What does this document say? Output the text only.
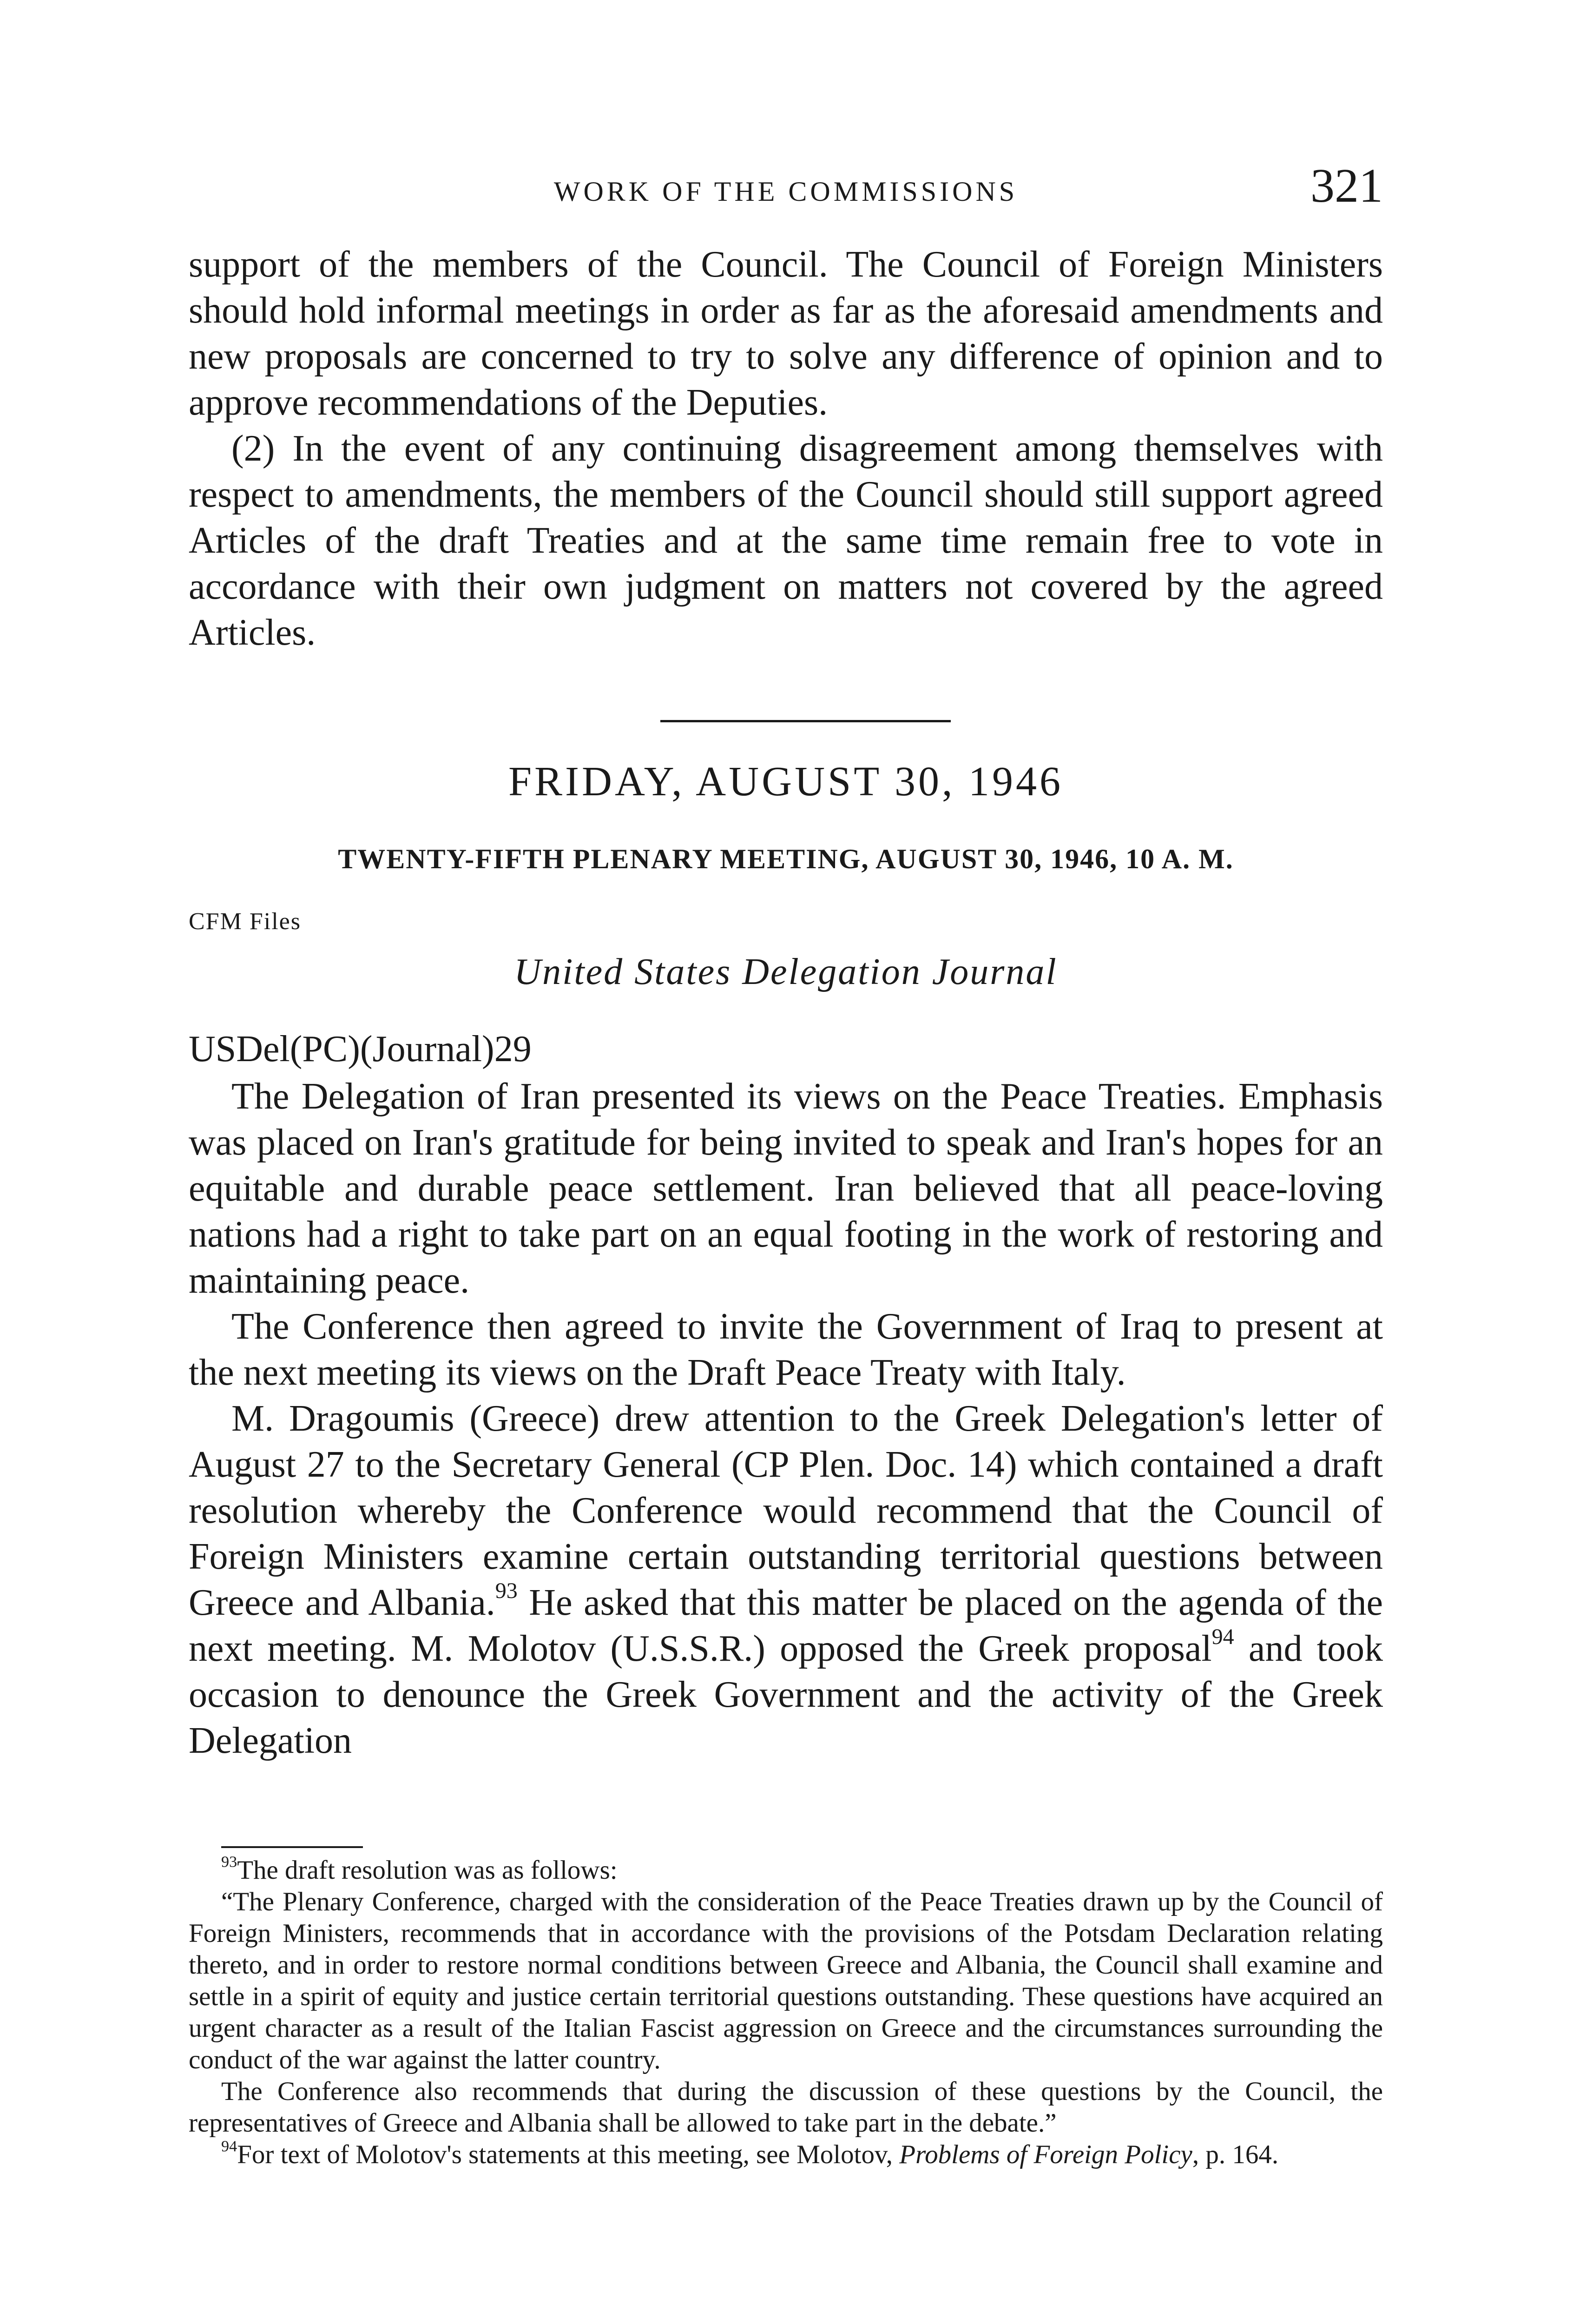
WORK OF THE COMMISSIONS	321

support of the members of the Council. The Council of Foreign Ministers should hold informal meetings in order as far as the aforesaid amendments and new proposals are concerned to try to solve any difference of opinion and to approve recommendations of the Deputies.

(2) In the event of any continuing disagreement among themselves with respect to amendments, the members of the Council should still support agreed Articles of the draft Treaties and at the same time remain free to vote in accordance with their own judgment on matters not covered by the agreed Articles.

FRIDAY, AUGUST 30, 1946
TWENTY-FIFTH PLENARY MEETING, AUGUST 30, 1946, 10 A. M.
CFM Files
United States Delegation Journal
USDel(PC)(Journal)29

The Delegation of Iran presented its views on the Peace Treaties. Emphasis was placed on Iran's gratitude for being invited to speak and Iran's hopes for an equitable and durable peace settlement. Iran believed that all peace-loving nations had a right to take part on an equal footing in the work of restoring and maintaining peace.

The Conference then agreed to invite the Government of Iraq to present at the next meeting its views on the Draft Peace Treaty with Italy.

M. Dragoumis (Greece) drew attention to the Greek Delegation's letter of August 27 to the Secretary General (CP Plen. Doc. 14) which contained a draft resolution whereby the Conference would recommend that the Council of Foreign Ministers examine certain outstanding territorial questions between Greece and Albania.$^{93}$ He asked that this matter be placed on the agenda of the next meeting. M. Molotov (U.S.S.R.) opposed the Greek proposal$^{94}$ and took occasion to denounce the Greek Government and the activity of the Greek Delegation

$^{93}$The draft resolution was as follows:

“The Plenary Conference, charged with the consideration of the Peace Treaties drawn up by the Council of Foreign Ministers, recommends that in accordance with the provisions of the Potsdam Declaration relating thereto, and in order to restore normal conditions between Greece and Albania, the Council shall examine and settle in a spirit of equity and justice certain territorial questions outstanding. These questions have acquired an urgent character as a result of the Italian Fascist aggression on Greece and the circumstances surrounding the conduct of the war against the latter country.

The Conference also recommends that during the discussion of these questions by the Council, the representatives of Greece and Albania shall be allowed to take part in the debate.”

$^{94}$For text of Molotov's statements at this meeting, see Molotov, Problems of Foreign Policy, p. 164.
